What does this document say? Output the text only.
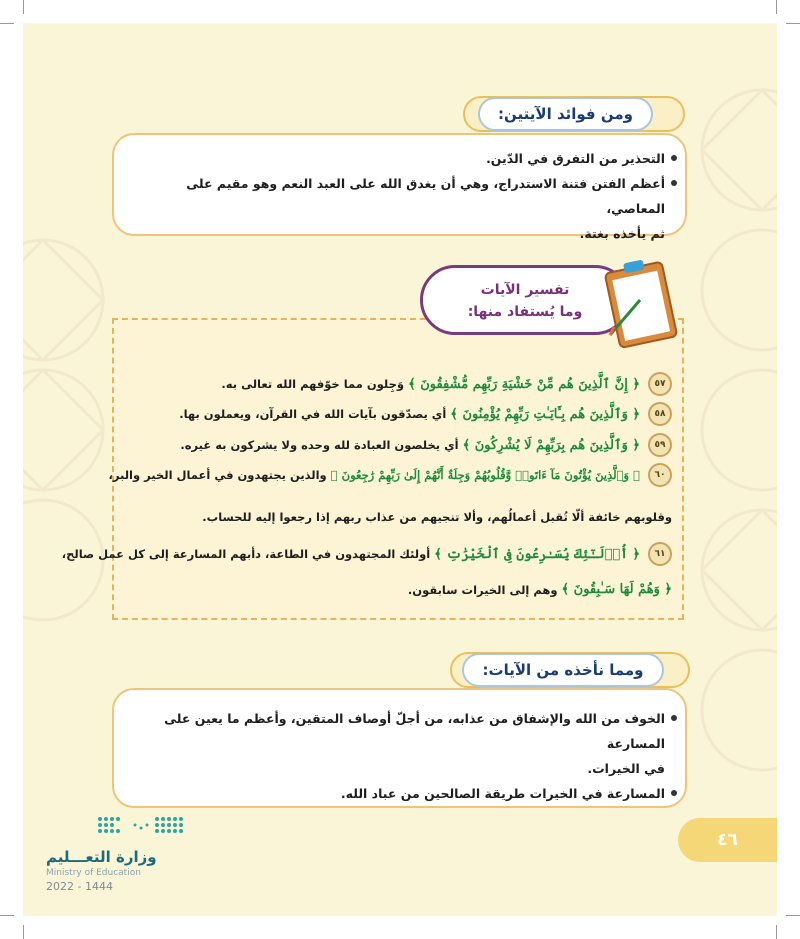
ومن فوائد الآيتين:
التحذير من التفرق في الدّين.
أعظم الفتن فتنة الاستدراج، وهي أن يغدق الله على العبد النعم وهو مقيم على المعاصي،
ثم يأخذه بغتة.
تفسير الآيات
وما يُستفاد منها:
٥٧
﴿ إِنَّ ٱلَّذِينَ هُم مِّنْ خَشْيَةِ رَبِّهِم مُّشْفِقُونَ ﴾

وَجِلون مما خوّفهم الله تعالى به.
٥٨
﴿ وَٱلَّذِينَ هُم بِـَٔايَـٰتِ رَبِّهِمْ يُؤْمِنُونَ ﴾

أي يصدّقون بآيات الله في القرآن، ويعملون بها.
٥٩
﴿ وَٱلَّذِينَ هُم بِرَبِّهِمْ لَا يُشْرِكُونَ ﴾

أي يخلصون العبادة لله وحده ولا يشركون به غيره.
٦٠
﴿ وَٱلَّذِينَ يُؤْتُونَ مَآ ءَاتَوا۟ وَّقُلُوبُهُمْ وَجِلَةٌ أَنَّهُمْ إِلَىٰ رَبِّهِمْ رَٰجِعُونَ ﴾

والذين يجتهدون في أعمال الخير والبر،
وقلوبهم خائفة ألّا تُقبل أعمالُهم، وألا تنجيهم من عذاب ربهم إذا رجعوا إليه للحساب.
٦١
﴿ أُو۟لَـٰٓئِكَ يُسَـٰرِعُونَ فِى ٱلْخَيْرَٰتِ ﴾

أولئك المجتهدون في الطاعة، دأبهم المسارعة إلى كل عمل صالح،
﴿ وَهُمْ لَهَا سَـٰبِقُونَ ﴾

وهم إلى الخيرات سابقون.
ومما نأخذه من الآيات:
الخوف من الله والإشفاق من عذابه، من أجلّ أوصاف المتقين، وأعظم ما يعين على المسارعة
في الخيرات.
المسارعة في الخيرات طريقة الصالحين من عباد الله.
٤٦
وزارة التعـــليم
Ministry of Education
2022 - 1444
